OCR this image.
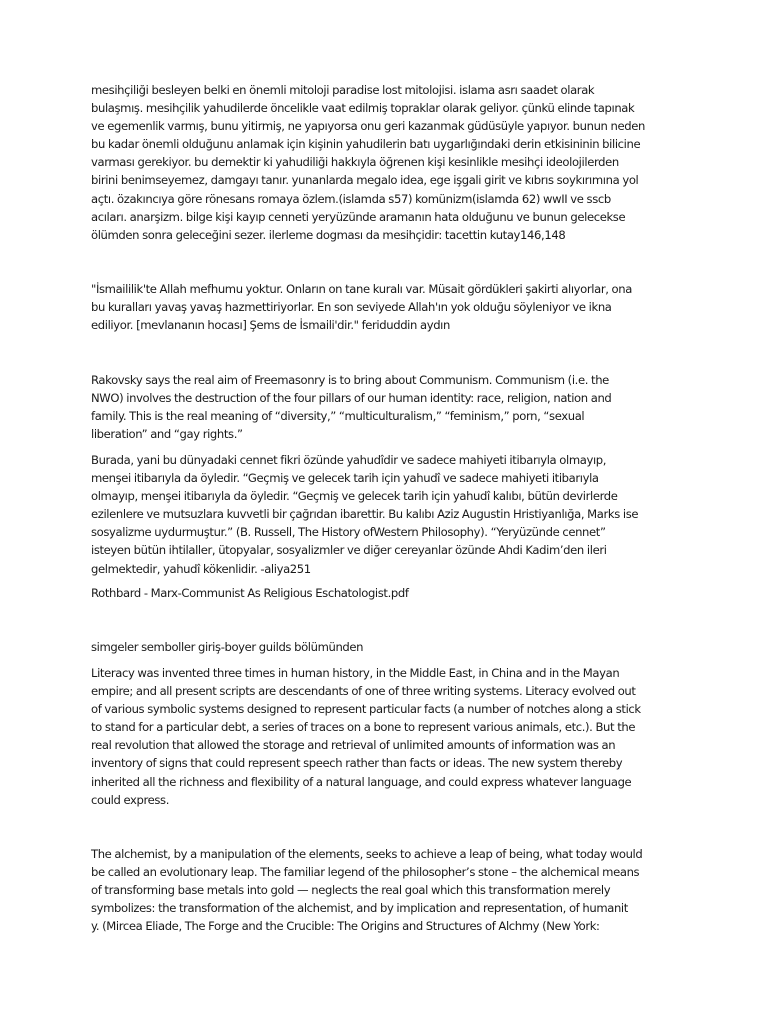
mesihçiliği besleyen belki en önemli mitoloji paradise lost mitolojisi. islama asrı saadet olarak
bulaşmış. mesihçilik yahudilerde öncelikle vaat edilmiş topraklar olarak geliyor. çünkü elinde tapınak
ve egemenlik varmış, bunu yitirmiş, ne yapıyorsa onu geri kazanmak güdüsüyle yapıyor. bunun neden
bu kadar önemli olduğunu anlamak için kişinin yahudilerin batı uygarlığındaki derin etkisininin bilicine
varması gerekiyor. bu demektir ki yahudiliği hakkıyla öğrenen kişi kesinlikle mesihçi ideolojilerden
birini benimseyemez, damgayı tanır. yunanlarda megalo idea, ege işgali girit ve kıbrıs soykırımına yol
açtı. özakıncıya göre rönesans romaya özlem.(islamda s57) komünizm(islamda 62) wwII ve sscb
acıları. anarşizm. bilge kişi kayıp cenneti yeryüzünde aramanın hata olduğunu ve bunun gelecekse
ölümden sonra geleceğini sezer. ilerleme dogması da mesihçidir: tacettin kutay146,148

"İsmaililik'te Allah mefhumu yoktur. Onların on tane kuralı var. Müsait gördükleri şakirti alıyorlar, ona
bu kuralları yavaş yavaş hazmettiriyorlar. En son seviyede Allah'ın yok olduğu söyleniyor ve ikna
ediliyor. [mevlananın hocası] Şems de İsmaili'dir." feriduddin aydın

Rakovsky says the real aim of Freemasonry is to bring about Communism. Communism (i.e. the
NWO) involves the destruction of the four pillars of our human identity: race, religion, nation and
family. This is the real meaning of “diversity,” “multiculturalism,” “feminism,” porn, “sexual
liberation” and “gay rights.”

Burada, yani bu dünyadaki cennet fikri özünde yahudîdir ve sadece mahiyeti itibarıyla olmayıp,
menşei itibarıyla da öyledir. “Geçmiş ve gelecek tarih için yahudî ve sadece mahiyeti itibarıyla
olmayıp, menşei itibarıyla da öyledir. “Geçmiş ve gelecek tarih için yahudî kalıbı, bütün devirlerde
ezilenlere ve mutsuzlara kuvvetli bir çağrıdan ibarettir. Bu kalıbı Aziz Augustin Hristiyanlığa, Marks ise
sosyalizme uydurmuştur.” (B. Russell, The History ofWestern Philosophy). “Yeryüzünde cennet”
isteyen bütün ihtilaller, ütopyalar, sosyalizmler ve diğer cereyanlar özünde Ahdi Kadim’den ileri
gelmektedir, yahudî kökenlidir. -aliya251

Rothbard - Marx-Communist As Religious Eschatologist.pdf

simgeler semboller giriş-boyer guilds bölümünden

Literacy was invented three times in human history, in the Middle East, in China and in the Mayan
empire; and all present scripts are descendants of one of three writing systems. Literacy evolved out
of various symbolic systems designed to represent particular facts (a number of notches along a stick
to stand for a particular debt, a series of traces on a bone to represent various animals, etc.). But the
real revolution that allowed the storage and retrieval of unlimited amounts of information was an
inventory of signs that could represent speech rather than facts or ideas. The new system thereby
inherited all the richness and flexibility of a natural language, and could express whatever language
could express.

The alchemist, by a manipulation of the elements, seeks to achieve a leap of being, what today would
be called an evolutionary leap. The familiar legend of the philosopher’s stone – the alchemical means
of transforming base metals into gold — neglects the real goal which this transformation merely
symbolizes: the transformation of the alchemist, and by implication and representation, of humanit
y. (Mircea Eliade, The Forge and the Crucible: The Origins and Structures of Alchmy (New York:
